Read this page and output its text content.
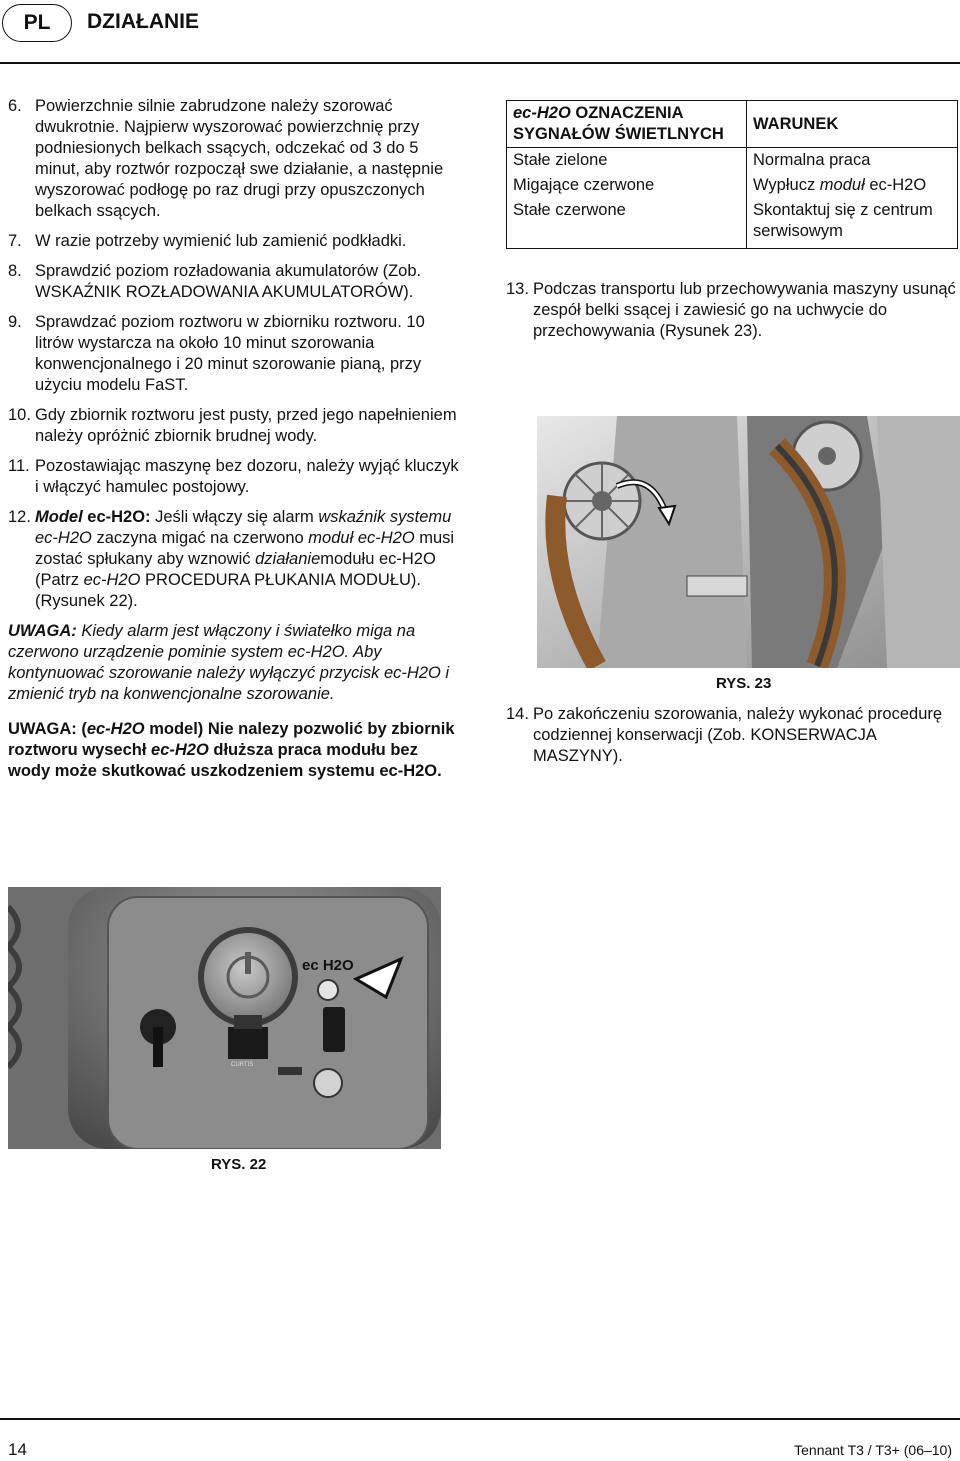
PL	DZIAŁANIE
6. Powierzchnie silnie zabrudzone należy szorować dwukrotnie. Najpierw wyszorować powierzchnię przy podniesionych belkach ssących, odczekać od 3 do 5 minut, aby roztwór rozpoczął swe działanie, a następnie wyszorować podłogę po raz drugi przy opuszczonych belkach ssących.
7. W razie potrzeby wymienić lub zamienić podkładki.
8. Sprawdzić poziom rozładowania akumulatorów (Zob. WSKAŹNIK ROZŁADOWANIA AKUMULATORÓW).
9. Sprawdzać poziom roztworu w zbiorniku roztworu. 10 litrów wystarcza na około 10 minut szorowania konwencjonalnego i 20 minut szorowanie pianą, przy użyciu modelu FaST.
10. Gdy zbiornik roztworu jest pusty, przed jego napełnieniem należy opróżnić zbiornik brudnej wody.
11. Pozostawiając maszynę bez dozoru, należy wyjąć kluczyk i włączyć hamulec postojowy.
12. Model ec-H2O: Jeśli włączy się alarm wskaźnik systemu ec-H2O zaczyna migać na czerwono moduł ec-H2O musi zostać spłukany aby wznowić działaniemodułu ec-H2O (Patrz ec-H2O PROCEDURA PŁUKANIA MODUŁU). (Rysunek 22).
UWAGA: Kiedy alarm jest włączony i światełko miga na czerwono urządzenie pominie system ec-H2O. Aby kontynuować szorowanie należy wyłączyć przycisk ec-H2O i zmienić tryb na konwencjonalne szorowanie.
UWAGA: (ec-H2O model) Nie nalezy pozwolić by zbiornik roztworu wysechł ec-H2O dłuższa praca modułu bez wody może skutkować uszkodzeniem systemu ec-H2O.
ec-H2O OZNACZENIA SYGNAŁÓW ŚWIETLNYCH	WARUNEK
Stałe zielone	Normalna praca
Migające czerwone	Wypłucz moduł ec-H2O
Stałe czerwone	Skontaktuj się z centrum serwisowym
13. Podczas transportu lub przechowywania maszyny usunąć zespół belki ssącej i zawiesić go na uchwycie do przechowywania (Rysunek 23).
RYS. 23
14. Po zakończeniu szorowania, należy wykonać procedurę codziennej konserwacji (Zob. KONSERWACJA MASZYNY).
ec H2O
CURTIS
RYS. 22
14	Tennant T3 / T3+ (06–10)
